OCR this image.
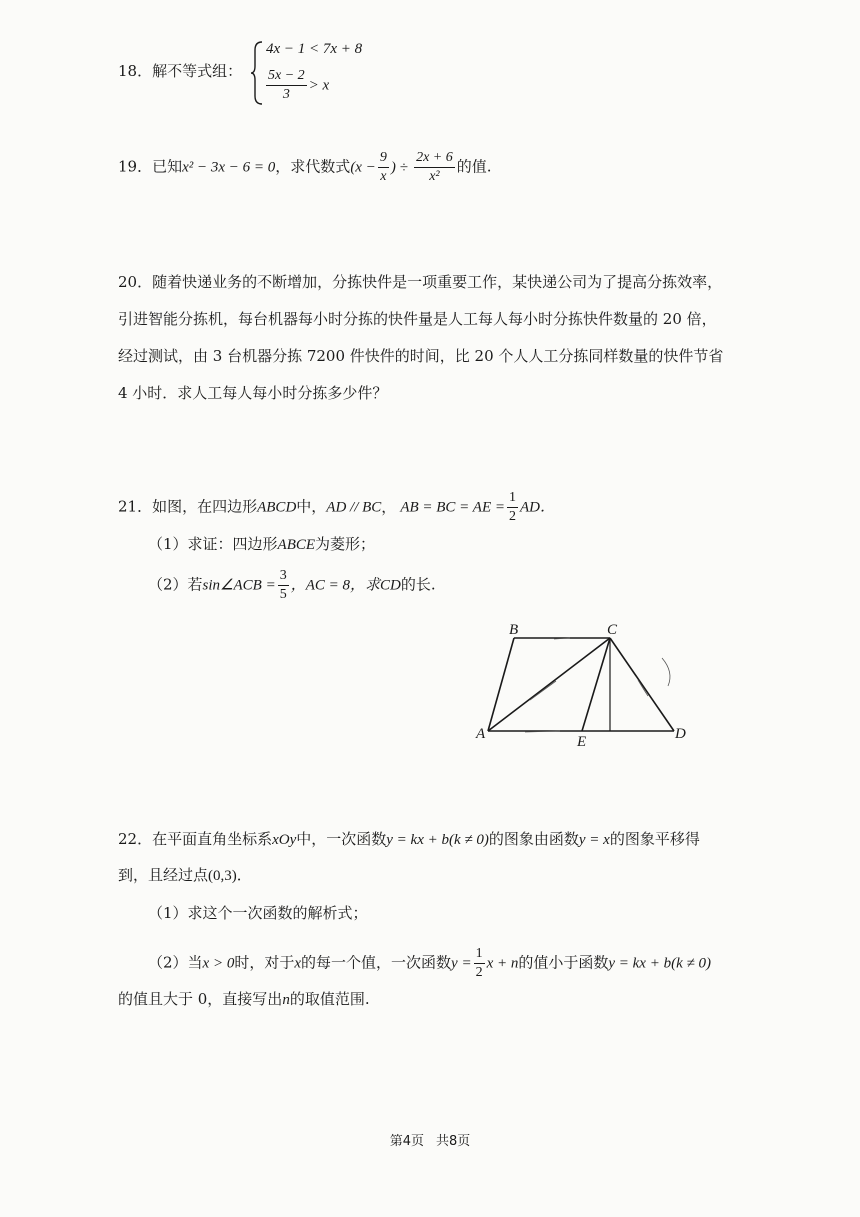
18．解不等式组：
4x − 1 < 7x + 8
$\frac{5x - 2}{3} > x$
19．已知x² − 3x − 6 = 0，求代数式($x - \frac{9}{x}$ ) ÷ $\frac{2x + 6}{\text{x²}}$ 的值.
20．随着快递业务的不断增加，分拣快件是一项重要工作，某快递公司为了提高分拣效率，
引进智能分拣机，每台机器每小时分拣的快件量是人工每人每小时分拣快件数量的 20 倍，
经过测试，由 3 台机器分拣 7200 件快件的时间，比 20 个人人工分拣同样数量的快件节省
4 小时．求人工每人每小时分拣多少件？
21．如图，在四边形ABCD中，AD // BC， AB = BC = AE = $\frac{1}{2}$ AD．
（1）求证：四边形ABCE为菱形；
（2）若sin∠ACB = $\frac{3}{5}$ ，AC = 8，求CD的长.
B	C
A	E	D
22．在平面直角坐标系xOy中，一次函数y = kx + b(k ≠ 0)的图象由函数y = x的图象平移得
到，且经过点(0,3)．
（1）求这个一次函数的解析式；
（2）当x > 0时，对于x的每一个值，一次函数$y = \frac{1}{2}$ x + n的值小于函数y = kx + b(k ≠ 0)
的值且大于 0，直接写出n的取值范围.
第4页 共8页
